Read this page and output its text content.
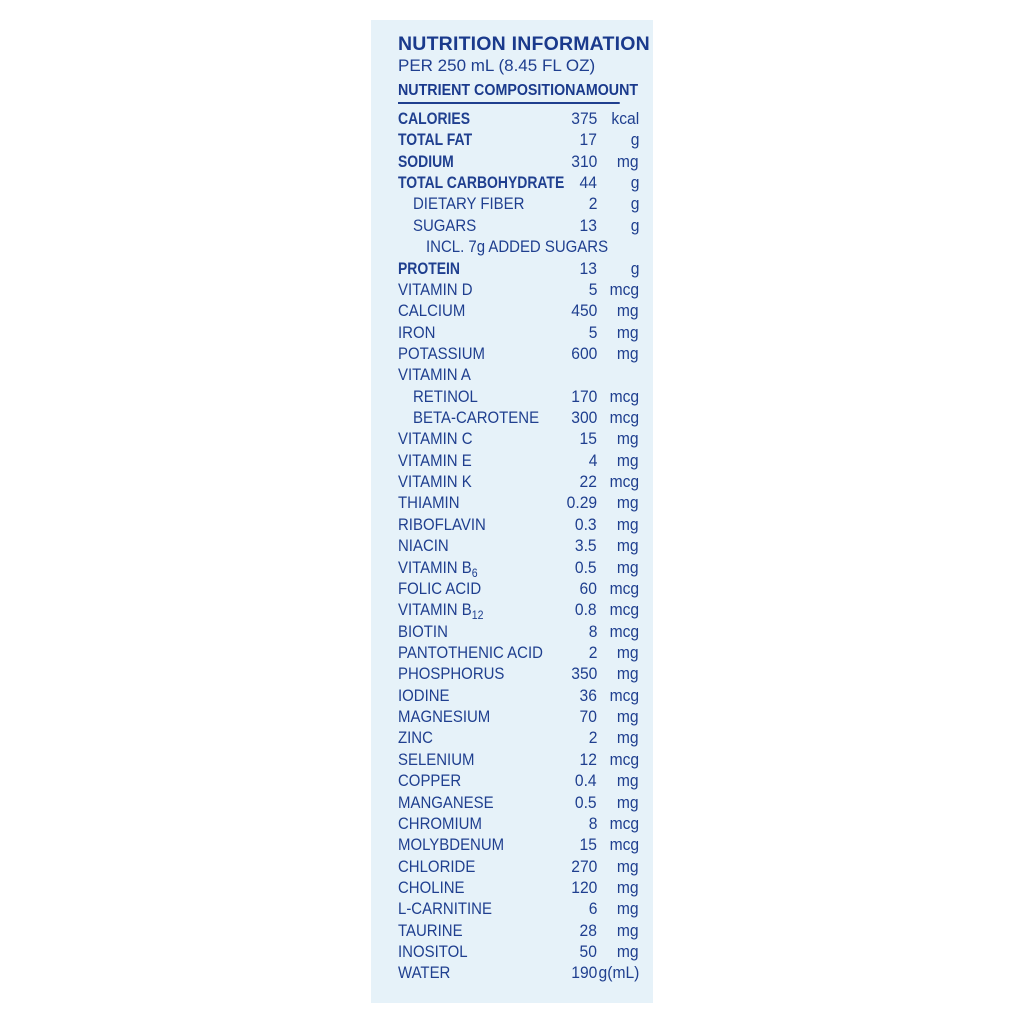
NUTRITION INFORMATION
PER 250 mL (8.45 FL OZ)
NUTRIENT COMPOSITION AMOUNT
CALORIES	375 kcal
TOTAL FAT	17 g
SODIUM	310 mg
TOTAL CARBOHYDRATE 44 g
DIETARY FIBER	2 g
SUGARS	13 g
INCL. 7g ADDED SUGARS
PROTEIN	13 g
VITAMIN D	5 mcg
CALCIUM	450 mg
IRON	5 mg
POTASSIUM	600 mg
VITAMIN A
RETINOL	170 mcg
BETA-CAROTENE 300 mcg
VITAMIN C	15 mg
VITAMIN E	4 mg
VITAMIN K	22 mcg
THIAMIN	0.29 mg
RIBOFLAVIN	0.3 mg
NIACIN	3.5 mg
VITAMIN $B_6$	0.5 mg
FOLIC ACID	60 mcg
VITAMIN $B_{12}$	0.8 mcg
BIOTIN	8 mcg
PANTOTHENIC ACID	2 mg
PHOSPHORUS	350 mg
IODINE	36 mcg
MAGNESIUM	70 mg
ZINC	2 mg
SELENIUM	12 mcg
COPPER	0.4 mg
MANGANESE	0.5 mg
CHROMIUM	8 mcg
MOLYBDENUM	15 mcg
CHLORIDE	270 mg
CHOLINE	120 mg
L-CARNITINE	6 mg
TAURINE	28 mg
INOSITOL	50 mg
WATER	190 g(mL)
